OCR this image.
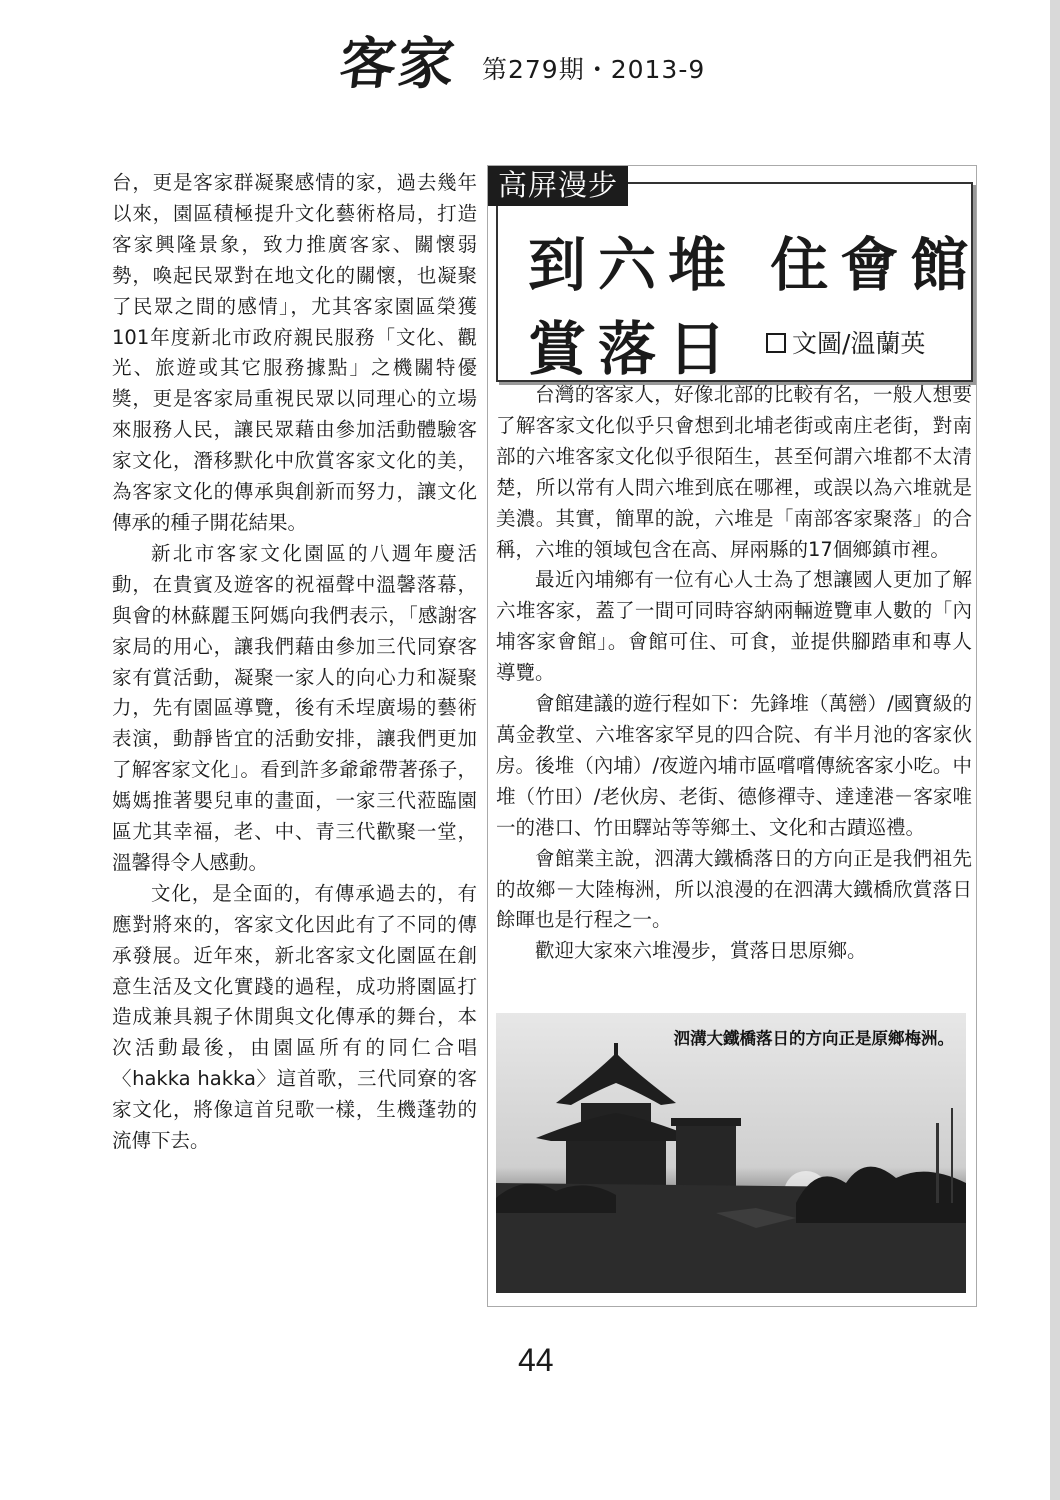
客家 第279期・2013-9

台，更是客家群凝聚感情的家，過去幾年以來，園區積極提升文化藝術格局，打造客家興隆景象，致力推廣客家、關懷弱勢，喚起民眾對在地文化的關懷，也凝聚了民眾之間的感情」，尤其客家園區榮獲101年度新北市政府親民服務「文化、觀光、旅遊或其它服務據點」之機關特優獎，更是客家局重視民眾以同理心的立場來服務人民，讓民眾藉由參加活動體驗客家文化，潛移默化中欣賞客家文化的美，為客家文化的傳承與創新而努力，讓文化傳承的種子開花結果。

新北市客家文化園區的八週年慶活動，在貴賓及遊客的祝福聲中溫馨落幕，與會的林蘇麗玉阿媽向我們表示，「感謝客家局的用心，讓我們藉由參加三代同寮客家有賞活動，凝聚一家人的向心力和凝聚力，先有園區導覽，後有禾埕廣場的藝術表演，動靜皆宜的活動安排，讓我們更加了解客家文化」。看到許多爺爺帶著孫子，媽媽推著嬰兒車的畫面，一家三代蒞臨園區尤其幸福，老、中、青三代歡聚一堂，溫馨得令人感動。

文化，是全面的，有傳承過去的，有應對將來的，客家文化因此有了不同的傳承發展。近年來，新北客家文化園區在創意生活及文化實踐的過程，成功將園區打造成兼具親子休閒與文化傳承的舞台，本次活動最後，由園區所有的同仁合唱〈hakka hakka〉這首歌，三代同寮的客家文化，將像這首兒歌一樣，生機蓬勃的流傳下去。

到六堆 住會館
賞落日	文圖/溫蘭英
高屏漫步

台灣的客家人，好像北部的比較有名，一般人想要了解客家文化似乎只會想到北埔老街或南庄老街，對南部的六堆客家文化似乎很陌生，甚至何謂六堆都不太清楚，所以常有人問六堆到底在哪裡，或誤以為六堆就是美濃。其實，簡單的說，六堆是「南部客家聚落」的合稱，六堆的領域包含在高、屏兩縣的17個鄉鎮市裡。

最近內埔鄉有一位有心人士為了想讓國人更加了解六堆客家，蓋了一間可同時容納兩輛遊覽車人數的「內埔客家會館」。會館可住、可食，並提供腳踏車和專人導覽。

會館建議的遊行程如下：先鋒堆（萬巒）/國寶級的萬金教堂、六堆客家罕見的四合院、有半月池的客家伙房。後堆（內埔）/夜遊內埔市區嚐嚐傳統客家小吃。中堆（竹田）/老伙房、老街、德修禪寺、達達港－客家唯一的港口、竹田驛站等等鄉土、文化和古蹟巡禮。

會館業主說，泗溝大鐵橋落日的方向正是我們祖先的故鄉－大陸梅洲，所以浪漫的在泗溝大鐵橋欣賞落日餘暉也是行程之一。

歡迎大家來六堆漫步，賞落日思原鄉。

泗溝大鐵橋落日的方向正是原鄉梅洲。
44
